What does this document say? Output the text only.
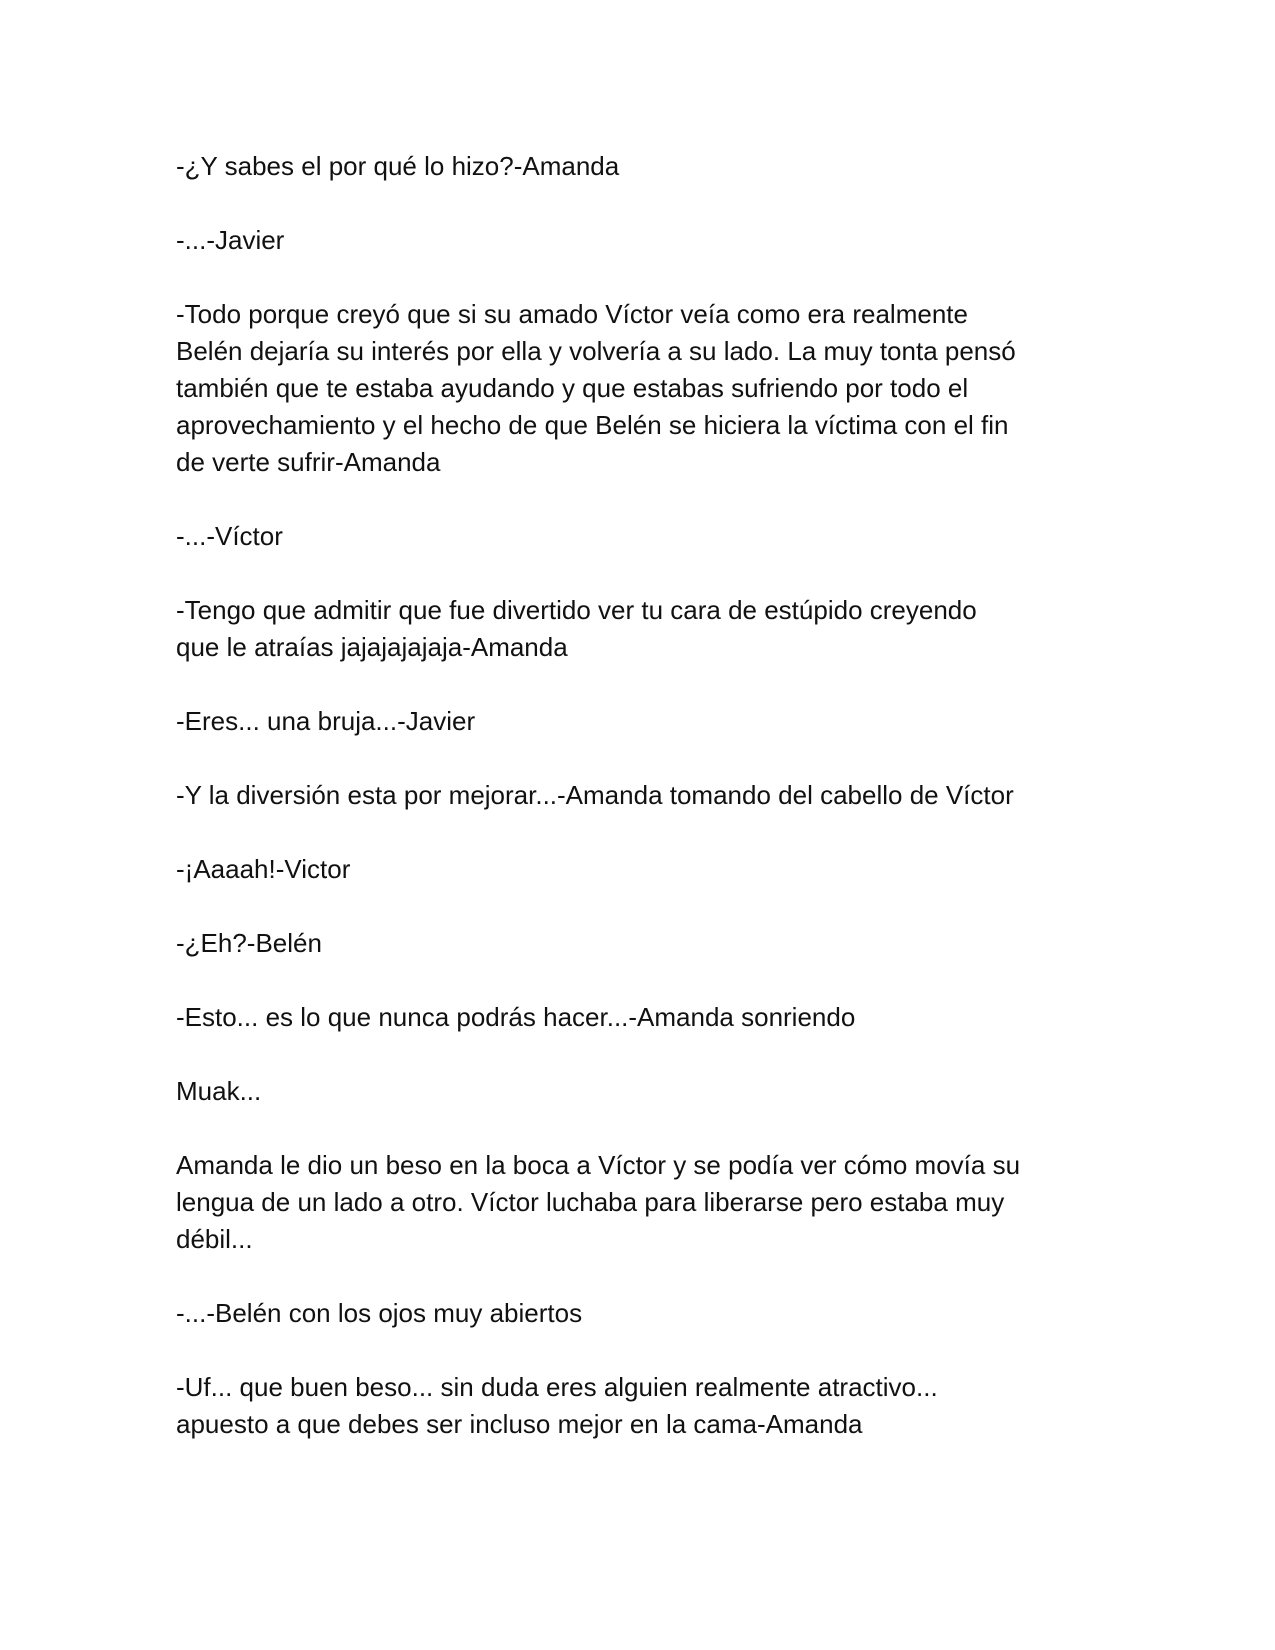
-¿Y sabes el por qué lo hizo?-Amanda

-...-Javier

-Todo porque creyó que si su amado Víctor veía como era realmente
Belén dejaría su interés por ella y volvería a su lado. La muy tonta pensó
también que te estaba ayudando y que estabas sufriendo por todo el
aprovechamiento y el hecho de que Belén se hiciera la víctima con el fin
de verte sufrir-Amanda

-...-Víctor

-Tengo que admitir que fue divertido ver tu cara de estúpido creyendo
que le atraías jajajajajaja-Amanda

-Eres... una bruja...-Javier

-Y la diversión esta por mejorar...-Amanda tomando del cabello de Víctor

-¡Aaaah!-Victor

-¿Eh?-Belén

-Esto... es lo que nunca podrás hacer...-Amanda sonriendo

Muak...

Amanda le dio un beso en la boca a Víctor y se podía ver cómo movía su
lengua de un lado a otro. Víctor luchaba para liberarse pero estaba muy
débil...

-...-Belén con los ojos muy abiertos

-Uf... que buen beso... sin duda eres alguien realmente atractivo...
apuesto a que debes ser incluso mejor en la cama-Amanda
